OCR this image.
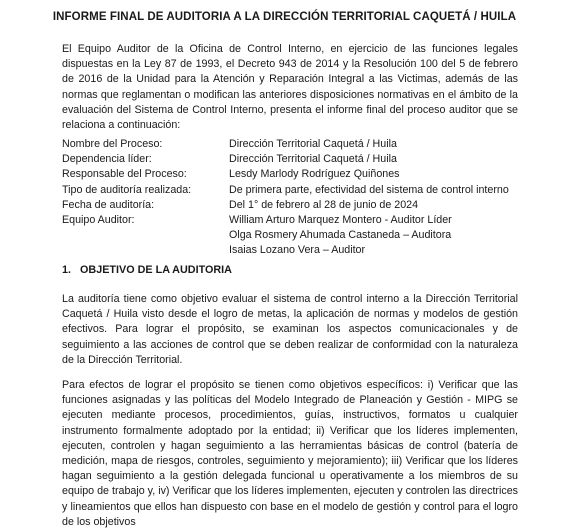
INFORME FINAL DE AUDITORIA A LA DIRECCIÓN TERRITORIAL CAQUETÁ / HUILA

El Equipo Auditor de la Oficina de Control Interno, en ejercicio de las funciones legales dispuestas en la Ley 87 de 1993, el Decreto 943 de 2014 y la Resolución 100 del 5 de febrero de 2016 de la Unidad para la Atención y Reparación Integral a las Victimas, además de las normas que reglamentan o modifican las anteriores disposiciones normativas en el ámbito de la evaluación del Sistema de Control Interno, presenta el informe final del proceso auditor que se relaciona a continuación:

Nombre del Proceso:	Dirección Territorial Caquetá / Huila
Dependencia líder:	Dirección Territorial Caquetá / Huila
Responsable del Proceso:	Lesdy Marlody Rodríguez Quiñones
Tipo de auditoría realizada:	De primera parte, efectividad del sistema de control interno
Fecha de auditoría:	Del 1° de febrero al 28 de junio de 2024
Equipo Auditor:	William Arturo Marquez Montero - Auditor Líder
Olga Rosmery Ahumada Castaneda – Auditora
Isaias Lozano Vera – Auditor
1. OBJETIVO DE LA AUDITORIA

La auditoría tiene como objetivo evaluar el sistema de control interno a la Dirección Territorial Caquetá / Huila visto desde el logro de metas, la aplicación de normas y modelos de gestión efectivos. Para lograr el propósito, se examinan los aspectos comunicacionales y de seguimiento a las acciones de control que se deben realizar de conformidad con la naturaleza de la Dirección Territorial.

Para efectos de lograr el propósito se tienen como objetivos específicos: i) Verificar que las funciones asignadas y las políticas del Modelo Integrado de Planeación y Gestión - MIPG se ejecuten mediante procesos, procedimientos, guías, instructivos, formatos u cualquier instrumento formalmente adoptado por la entidad; ii) Verificar que los líderes implementen, ejecuten, controlen y hagan seguimiento a las herramientas básicas de control (batería de medición, mapa de riesgos, controles, seguimiento y mejoramiento); iii) Verificar que los líderes hagan seguimiento a la gestión delegada funcional u operativamente a los miembros de su equipo de trabajo y, iv) Verificar que los líderes implementen, ejecuten y controlen las directrices y lineamientos que ellos han dispuesto con base en el modelo de gestión y control para el logro de los objetivos
